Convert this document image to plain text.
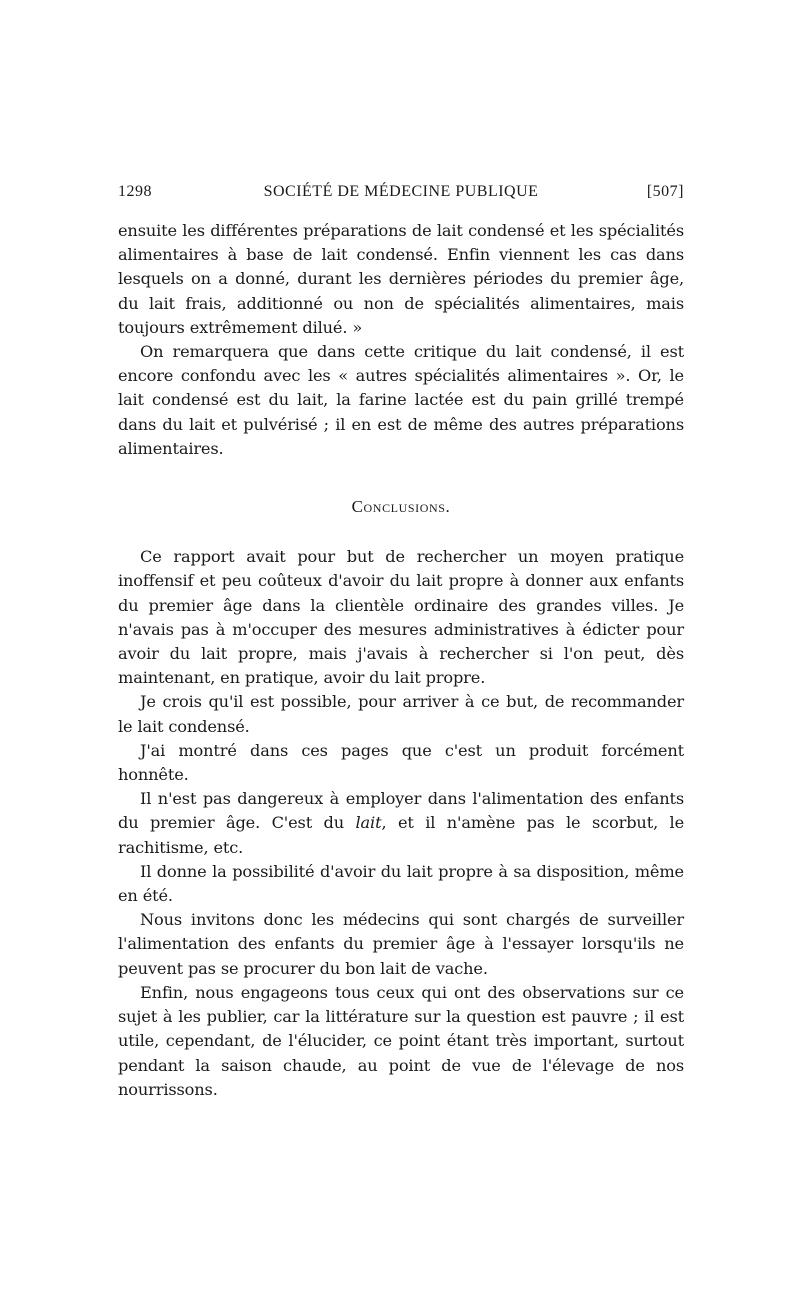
1298	SOCIÉTÉ DE MÉDECINE PUBLIQUE	[507]

ensuite les différentes préparations de lait condensé et les spécialités alimentaires à base de lait condensé. Enfin viennent les cas dans lesquels on a donné, durant les dernières périodes du premier âge, du lait frais, additionné ou non de spécialités alimentaires, mais toujours extrêmement dilué. »

On remarquera que dans cette critique du lait condensé, il est encore confondu avec les « autres spécialités alimentaires ». Or, le lait condensé est du lait, la farine lactée est du pain grillé trempé dans du lait et pulvérisé ; il en est de même des autres préparations alimentaires.

Conclusions.

Ce rapport avait pour but de rechercher un moyen pratique inoffensif et peu coûteux d'avoir du lait propre à donner aux enfants du premier âge dans la clientèle ordinaire des grandes villes. Je n'avais pas à m'occuper des mesures administratives à édicter pour avoir du lait propre, mais j'avais à rechercher si l'on peut, dès maintenant, en pratique, avoir du lait propre.

Je crois qu'il est possible, pour arriver à ce but, de recommander le lait condensé.

J'ai montré dans ces pages que c'est un produit forcément honnête.

Il n'est pas dangereux à employer dans l'alimentation des enfants du premier âge. C'est du lait, et il n'amène pas le scorbut, le rachitisme, etc.

Il donne la possibilité d'avoir du lait propre à sa disposition, même en été.

Nous invitons donc les médecins qui sont chargés de surveiller l'alimentation des enfants du premier âge à l'essayer lorsqu'ils ne peuvent pas se procurer du bon lait de vache.

Enfin, nous engageons tous ceux qui ont des observations sur ce sujet à les publier, car la littérature sur la question est pauvre ; il est utile, cependant, de l'élucider, ce point étant très important, surtout pendant la saison chaude, au point de vue de l'élevage de nos nourrissons.
